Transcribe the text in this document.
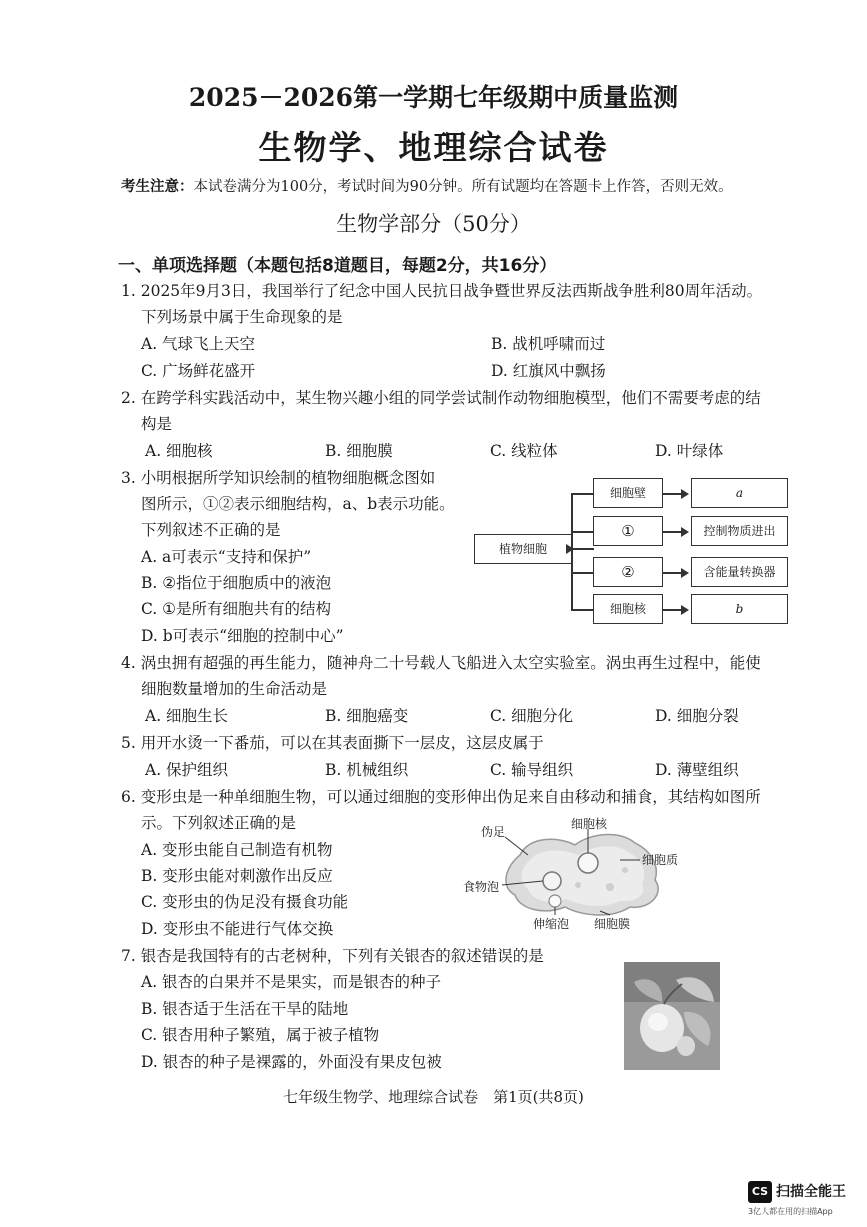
2025－2026第一学期七年级期中质量监测
生物学、地理综合试卷
考生注意：本试卷满分为100分，考试时间为90分钟。所有试题均在答题卡上作答，否则无效。
生物学部分（50分）
一、单项选择题（本题包括8道题目，每题2分，共16分）
1. 2025年9月3日，我国举行了纪念中国人民抗日战争暨世界反法西斯战争胜利80周年活动。
下列场景中属于生命现象的是
A. 气球飞上天空	B. 战机呼啸而过
C. 广场鲜花盛开	D. 红旗风中飘扬
2. 在跨学科实践活动中，某生物兴趣小组的同学尝试制作动物细胞模型，他们不需要考虑的结
构是
A. 细胞核	B. 细胞膜	C. 线粒体	D. 叶绿体
3. 小明根据所学知识绘制的植物细胞概念图如
图所示，①②表示细胞结构，a、b表示功能。
下列叙述不正确的是
A. a可表示“支持和保护”
B. ②指位于细胞质中的液泡
C. ①是所有细胞共有的结构
D. b可表示“细胞的控制中心”
植物细胞
细胞壁
①
②
细胞核
a
控制物质进出
含能量转换器
b
4. 涡虫拥有超强的再生能力，随神舟二十号载人飞船进入太空实验室。涡虫再生过程中，能使
细胞数量增加的生命活动是
A. 细胞生长	B. 细胞癌变	C. 细胞分化	D. 细胞分裂
5. 用开水烫一下番茄，可以在其表面撕下一层皮，这层皮属于
A. 保护组织	B. 机械组织	C. 输导组织	D. 薄壁组织
6. 变形虫是一种单细胞生物，可以通过细胞的变形伸出伪足来自由移动和捕食，其结构如图所
示。下列叙述正确的是
A. 变形虫能自己制造有机物
B. 变形虫能对刺激作出反应
C. 变形虫的伪足没有摄食功能
D. 变形虫不能进行气体交换
伪足
细胞核
细胞质
食物泡
伸缩泡 细胞膜
7. 银杏是我国特有的古老树种，下列有关银杏的叙述错误的是
A. 银杏的白果并不是果实，而是银杏的种子
B. 银杏适于生活在干旱的陆地
C. 银杏用种子繁殖，属于被子植物
D. 银杏的种子是裸露的，外面没有果皮包被
七年级生物学、地理综合试卷　第1页(共8页)
CS 扫描全能王
3亿人都在用的扫描App
